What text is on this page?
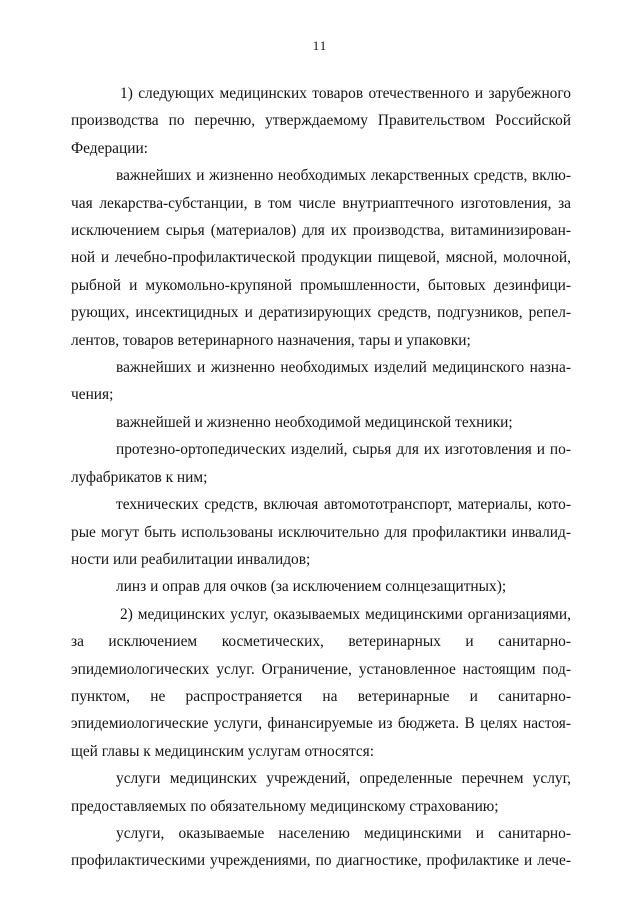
11
1) следующих медицинских товаров отечественного и зарубежного
производства по перечню, утверждаемому Правительством Российской
Федерации:
важнейших и жизненно необходимых лекарственных средств, вклю-
чая лекарства-субстанции, в том числе внутриаптечного изготовления, за
исключением сырья (материалов) для их производства, витаминизирован-
ной и лечебно-профилактической продукции пищевой, мясной, молочной,
рыбной и мукомольно-крупяной промышленности, бытовых дезинфици-
рующих, инсектицидных и дератизирующих средств, подгузников, репел-
лентов, товаров ветеринарного назначения, тары и упаковки;
важнейших и жизненно необходимых изделий медицинского назна-
чения;
важнейшей и жизненно необходимой медицинской техники;
протезно-ортопедических изделий, сырья для их изготовления и по-
луфабрикатов к ним;
технических средств, включая автомототранспорт, материалы, кото-
рые могут быть использованы исключительно для профилактики инвалид-
ности или реабилитации инвалидов;
линз и оправ для очков (за исключением солнцезащитных);
2) медицинских услуг, оказываемых медицинскими организациями,
за исключением косметических, ветеринарных и санитарно-
эпидемиологических услуг. Ограничение, установленное настоящим под-
пунктом, не распространяется на ветеринарные и санитарно-
эпидемиологические услуги, финансируемые из бюджета. В целях настоя-
щей главы к медицинским услугам относятся:
услуги медицинских учреждений, определенные перечнем услуг,
предоставляемых по обязательному медицинскому страхованию;
услуги, оказываемые населению медицинскими и санитарно-
профилактическими учреждениями, по диагностике, профилактике и лече-
